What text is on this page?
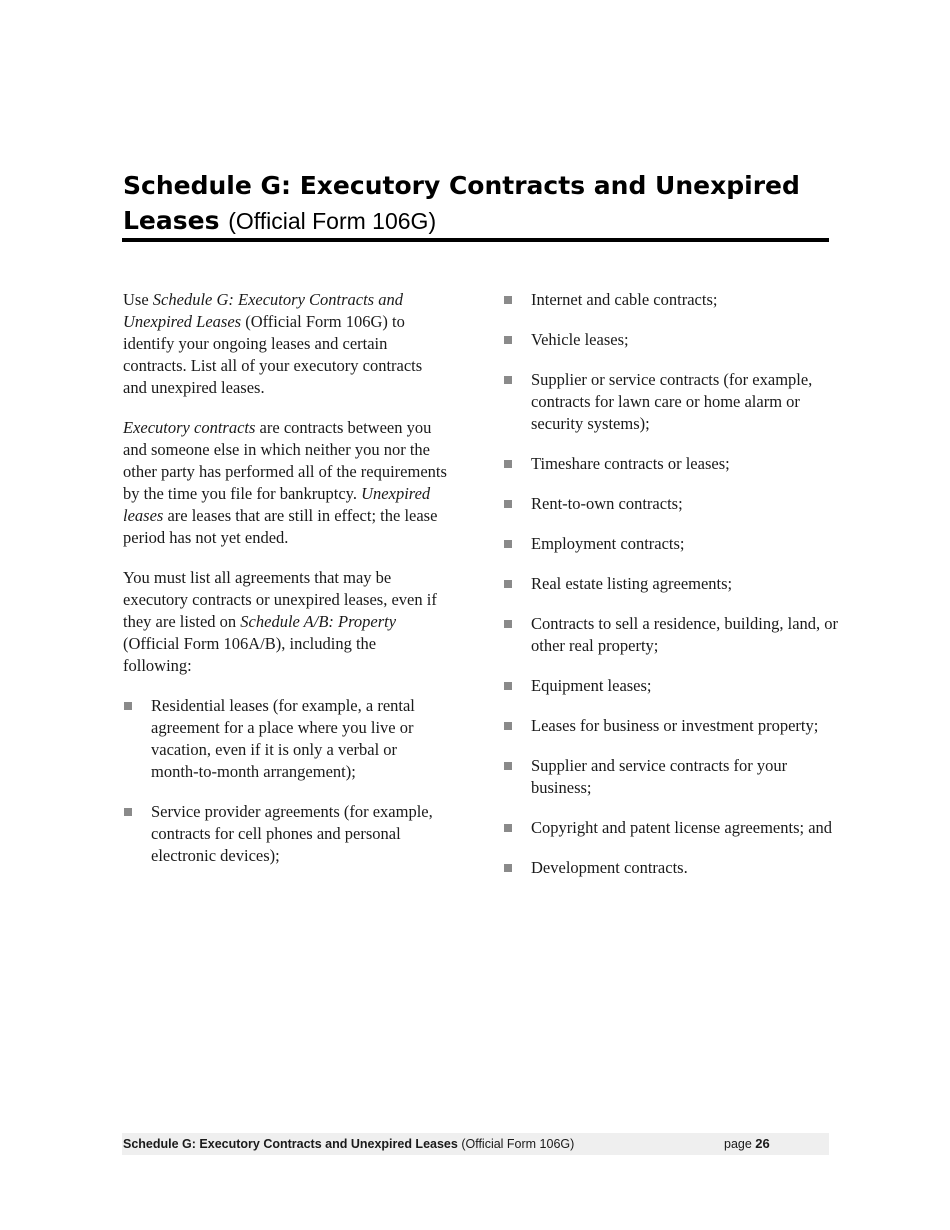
Schedule G: Executory Contracts and Unexpired Leases (Official Form 106G)

Use Schedule G: Executory Contracts and Unexpired Leases (Official Form 106G) to identify your ongoing leases and certain contracts. List all of your executory contracts and unexpired leases.

Executory contracts are contracts between you and someone else in which neither you nor the other party has performed all of the requirements by the time you file for bankruptcy. Unexpired leases are leases that are still in effect; the lease period has not yet ended.

You must list all agreements that may be executory contracts or unexpired leases, even if they are listed on Schedule A/B: Property (Official Form 106A/B), including the following:

Residential leases (for example, a rental agreement for a place where you live or vacation, even if it is only a verbal or month-to-month arrangement);
Service provider agreements (for example, contracts for cell phones and personal electronic devices);
Internet and cable contracts;
Vehicle leases;
Supplier or service contracts (for example, contracts for lawn care or home alarm or security systems);
Timeshare contracts or leases;
Rent-to-own contracts;
Employment contracts;
Real estate listing agreements;
Contracts to sell a residence, building, land, or other real property;
Equipment leases;
Leases for business or investment property;
Supplier and service contracts for your business;
Copyright and patent license agreements; and
Development contracts.
Schedule G: Executory Contracts and Unexpired Leases (Official Form 106G)	page 26
